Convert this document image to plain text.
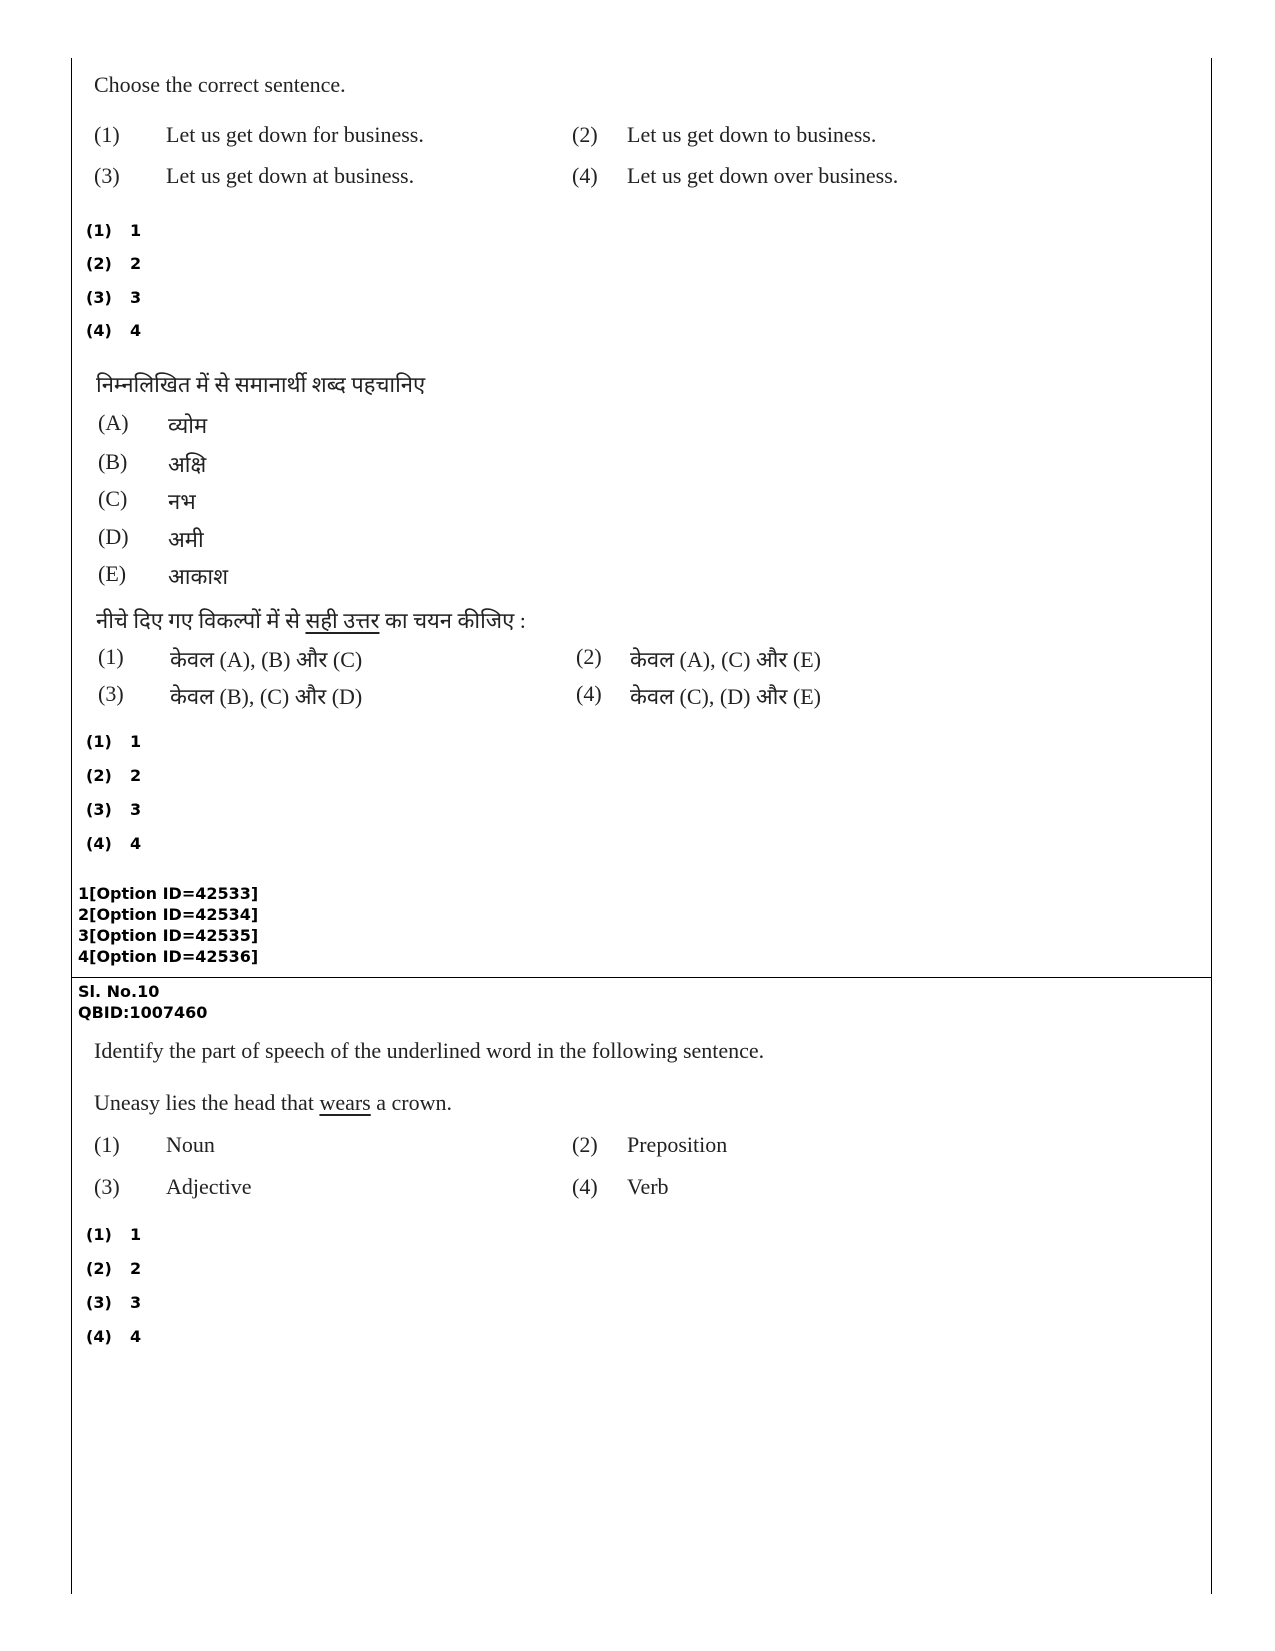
Choose the correct sentence.
(1) Let us get down for business.	(2) Let us get down to business.
(3) Let us get down at business.	(4) Let us get down over business.
(1) 1
(2) 2
(3) 3
(4) 4
निम्नलिखित में से समानार्थी शब्द पहचानिए
(A) व्योम
(B) अक्षि
(C) नभ
(D) अमी
(E) आकाश
नीचे दिए गए विकल्पों में से सही उत्तर का चयन कीजिए :
(1) केवल (A), (B) और (C)	(2) केवल (A), (C) और (E)
(3) केवल (B), (C) और (D)	(4) केवल (C), (D) और (E)
(1) 1
(2) 2
(3) 3
(4) 4
1[Option ID=42533]
2[Option ID=42534]
3[Option ID=42535]
4[Option ID=42536]
Sl. No.10
QBID:1007460
Identify the part of speech of the underlined word in the following sentence.
Uneasy lies the head that wears a crown.
(1) Noun	(2) Preposition
(3) Adjective	(4) Verb
(1) 1
(2) 2
(3) 3
(4) 4
